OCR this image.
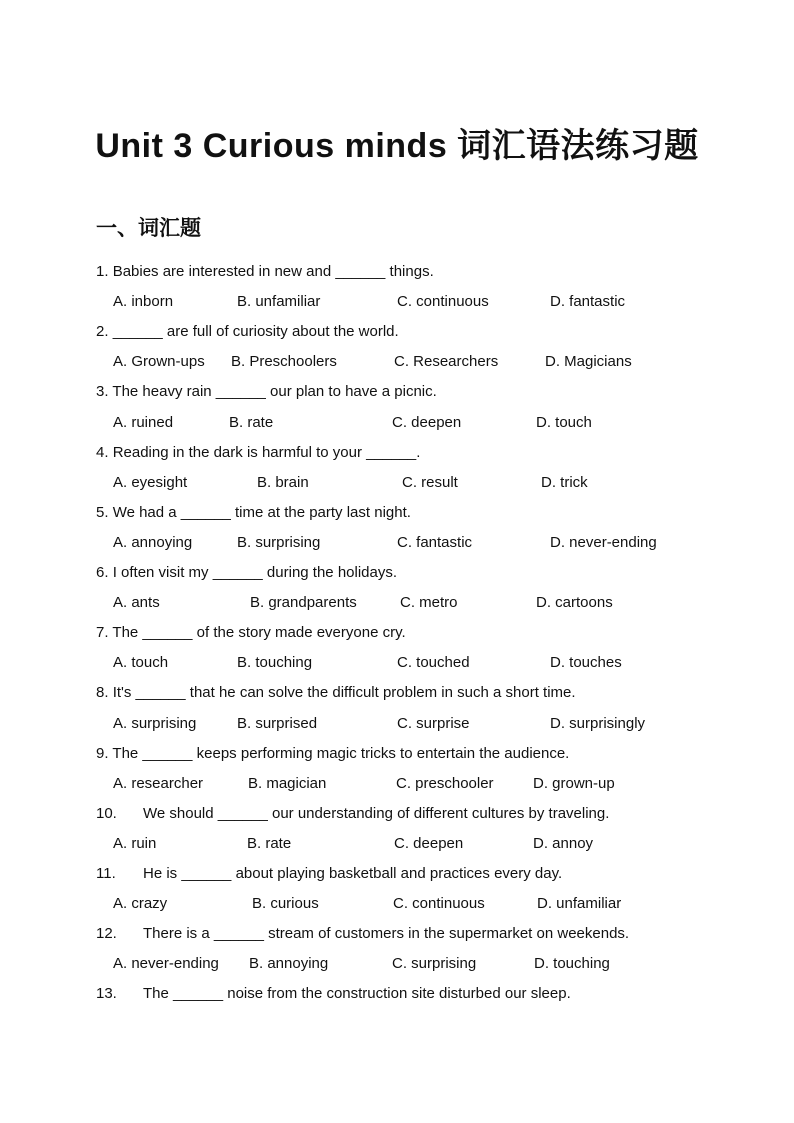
Unit 3 Curious minds 词汇语法练习题
一、词汇题
1. Babies are interested in new and ______ things.
A. inborn	B. unfamiliar	C. continuous	D. fantastic
2. ______ are full of curiosity about the world.
A. Grown-ups B. Preschoolers	C. Researchers	D. Magicians
3. The heavy rain ______ our plan to have a picnic.
A. ruined	B. rate	C. deepen	D. touch
4. Reading in the dark is harmful to your ______.
A. eyesight	B. brain	C. result	D. trick
5. We had a ______ time at the party last night.
A. annoying	B. surprising	C. fantastic	D. never-ending
6. I often visit my ______ during the holidays.
A. ants	B. grandparents	C. metro	D. cartoons
7. The ______ of the story made everyone cry.
A. touch	B. touching	C. touched	D. touches
8. It's ______ that he can solve the difficult problem in such a short time.
A. surprising	B. surprised	C. surprise	D. surprisingly
9. The ______ keeps performing magic tricks to entertain the audience.
A. researcher	B. magician	C. preschooler	D. grown-up
10. We should ______ our understanding of different cultures by traveling.
A. ruin	B. rate	C. deepen	D. annoy
11. He is ______ about playing basketball and practices every day.
A. crazy	B. curious	C. continuous	D. unfamiliar
12. There is a ______ stream of customers in the supermarket on weekends.
A. never-ending B. annoying	C. surprising	D. touching
13. The ______ noise from the construction site disturbed our sleep.
